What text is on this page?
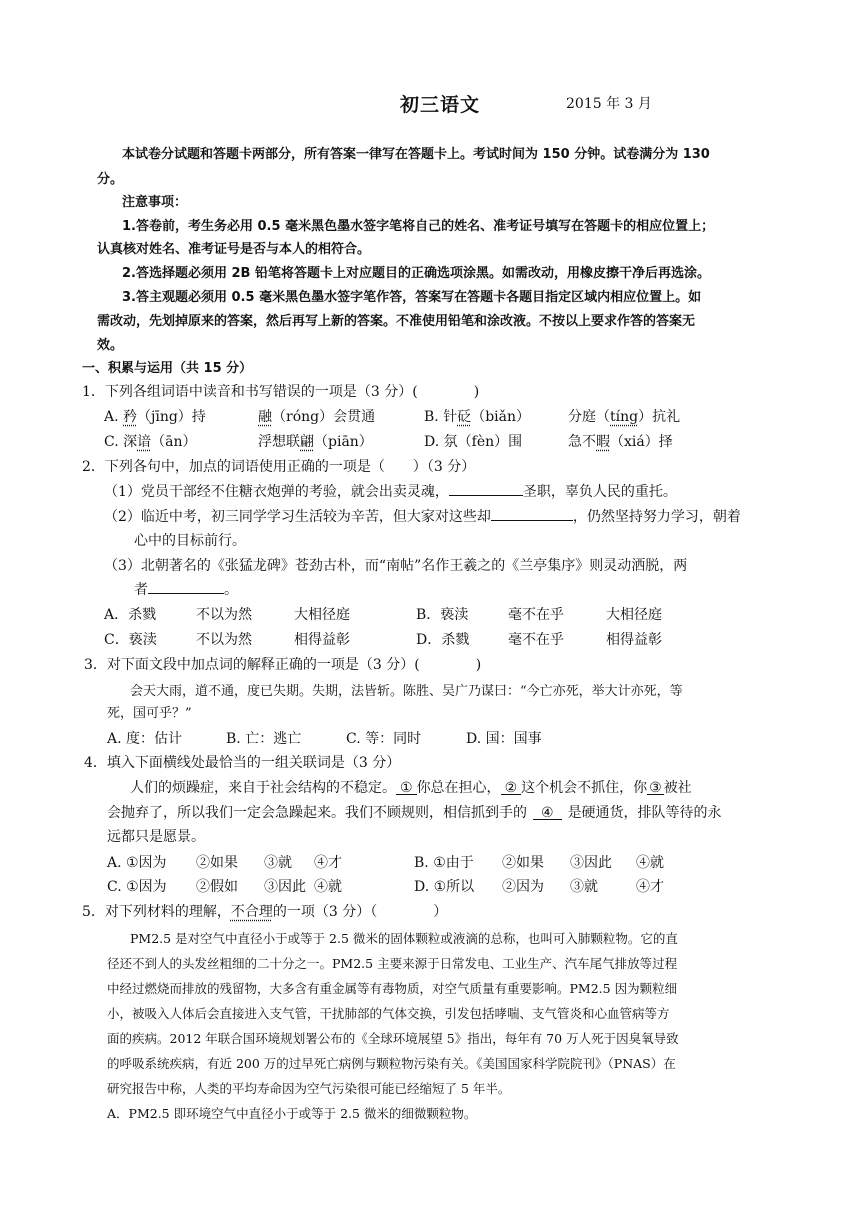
初三语文	2015 年 3 月
本试卷分试题和答题卡两部分，所有答案一律写在答题卡上。考试时间为 150 分钟。试卷满分为 130
分。
注意事项：
1.答卷前，考生务必用 0.5 毫米黑色墨水签字笔将自己的姓名、准考证号填写在答题卡的相应位置上；
认真核对姓名、准考证号是否与本人的相符合。
2.答选择题必须用 2B 铅笔将答题卡上对应题目的正确选项涂黑。如需改动，用橡皮擦干净后再选涂。
3.答主观题必须用 0.5 毫米黑色墨水签字笔作答，答案写在答题卡各题目指定区域内相应位置上。如
需改动，先划掉原来的答案，然后再写上新的答案。不准使用铅笔和涂改液。不按以上要求作答的答案无
效。
一、积累与运用（共 15 分）
1．下列各组词语中读音和书写错误的一项是（3 分）(　　　　)
A. 矜（jīng）持	融（róng）会贯通	B. 针砭（biǎn）	分庭（tíng）抗礼
C. 深谙（ān）	浮想联翩（piān）	D. 氛（fèn）围	急不暇（xiá）择
2．下列各句中，加点的词语使用正确的一项是（　　）（3 分）
（1）党员干部经不住糖衣炮弹的考验，就会出卖灵魂，	圣职，辜负人民的重托。
（2）临近中考，初三同学学习生活较为辛苦，但大家对这些却	，仍然坚持努力学习，朝着
心中的目标前行。
（3）北朝著名的《张猛龙碑》苍劲古朴，而“南帖”名作王羲之的《兰亭集序》则灵动洒脱，两
者	。
A．杀戮	不以为然	大相径庭	B．亵渎	毫不在乎	大相径庭
C．亵渎	不以为然	相得益彰	D．杀戮	毫不在乎	相得益彰
3．对下面文段中加点词的解释正确的一项是（3 分）(　　　　)
会天大雨，道不通，度已失期。失期，法皆斩。陈胜、吴广乃谋曰：“今亡亦死，举大计亦死，等
死，国可乎？”
A. 度：估计	B. 亡：逃亡	C. 等：同时	D. 国：国事
4．填入下面横线处最恰当的一组关联词是（3 分）
人们的烦躁症，来自于社会结构的不稳定。 ① 你总在担心， ② 这个机会不抓住，你 ③ 被社
会抛弃了，所以我们一定会急躁起来。我们不顾规则，相信抓到手的 ④ 是硬通货，排队等待的永
远都只是愿景。
A. ①因为 ②如果 ③就 ④才	B. ①由于 ②如果 ③因此 ④就
C. ①因为 ②假如 ③因此 ④就	D. ①所以 ②因为 ③就	④才
5．对下列材料的理解，不合理的一项（3 分）（　　　　）
PM2.5 是对空气中直径小于或等于 2.5 微米的固体颗粒或液滴的总称，也叫可入肺颗粒物。它的直
径还不到人的头发丝粗细的二十分之一。PM2.5 主要来源于日常发电、工业生产、汽车尾气排放等过程
中经过燃烧而排放的残留物，大多含有重金属等有毒物质，对空气质量有重要影响。PM2.5 因为颗粒细
小，被吸入人体后会直接进入支气管，干扰肺部的气体交换，引发包括哮喘、支气管炎和心血管病等方
面的疾病。2012 年联合国环境规划署公布的《全球环境展望 5》指出，每年有 70 万人死于因臭氧导致
的呼吸系统疾病，有近 200 万的过早死亡病例与颗粒物污染有关。《美国国家科学院院刊》（PNAS）在
研究报告中称，人类的平均寿命因为空气污染很可能已经缩短了 5 年半。
A．PM2.5 即环境空气中直径小于或等于 2.5 微米的细微颗粒物。
